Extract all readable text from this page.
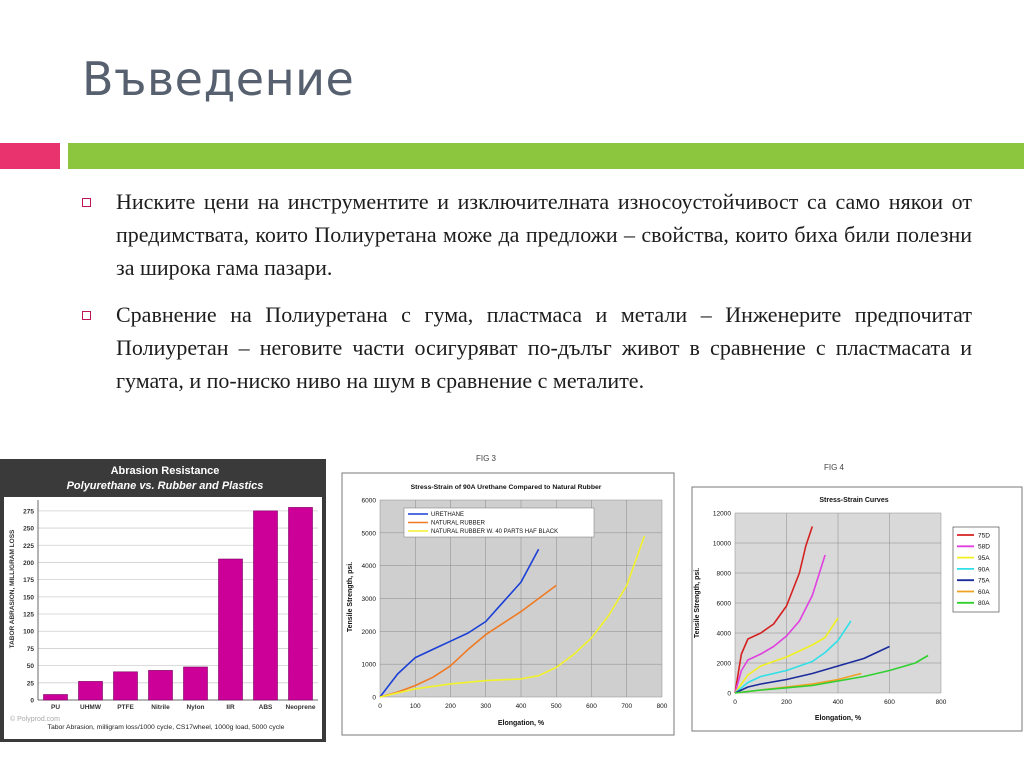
Въведение
Ниските цени на инструментите и изключителната износоустойчивост са само някои от предимствата, които Полиуретана може да предложи – свойства, които биха били полезни за широка гама пазари.
Сравнение на Полиуретана с гума, пластмаса и метали – Инженерите предпочитат Полиуретан – неговите части осигуряват по-дълъг живот в сравнение с пластмасата и гумата, и по-ниско ниво на шум в сравнение с металите.
Abrasion Resistance
Polyurethane vs. Rubber and Plastics
0
25
50
75
100
125
150
175
200
225
250
275
PU	UHMW PTFE	Nitrile	Nylon	IIR	ABS Neoprene
TABOR ABRASION, MILLIGRAM LOSS
© Polyprod.com
Tabor Abrasion, milligram loss/1000 cycle, CS17wheel, 1000g load, 5000 cycle
FIG 3
Stress-Strain of 90A Urethane Compared to Natural Rubber
0
1000
2000
3000
4000
5000
6000
0	100	200	300	400	500	600	700	800
URETHANE
NATURAL RUBBER
NATURAL RUBBER W. 40 PARTS HAF BLACK
Tensile Strength, psi.
Elongation, %
FIG 4
Stress-Strain Curves
0
2000
4000
6000
8000
10000
12000
0	200	400	600	800
75D
58D
95A
90A
75A
60A
80A
Tensile Strength, psi.
Elongation, %
